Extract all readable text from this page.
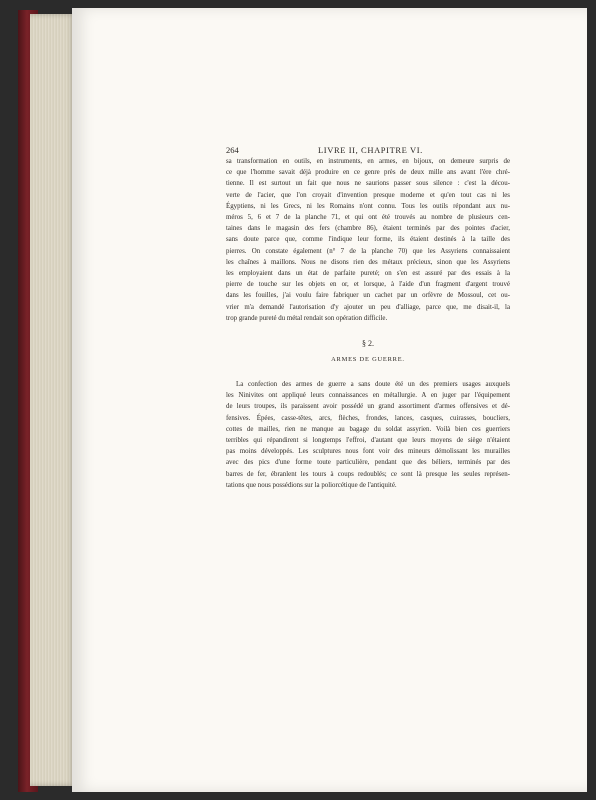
264	LIVRE II, CHAPITRE VI.
sa transformation en outils, en instruments, en armes, en bijoux, on demeure surpris de
ce que l'homme savait déjà produire en ce genre près de deux mille ans avant l'ère chré-
tienne. Il est surtout un fait que nous ne saurions passer sous silence : c'est la décou-
verte de l'acier, que l'on croyait d'invention presque moderne et qu'en tout cas ni les
Égyptiens, ni les Grecs, ni les Romains n'ont connu. Tous les outils répondant aux nu-
méros 5, 6 et 7 de la planche 71, et qui ont été trouvés au nombre de plusieurs cen-
taines dans le magasin des fers (chambre 86), étaient terminés par des pointes d'acier,
sans doute parce que, comme l'indique leur forme, ils étaient destinés à la taille des
pierres. On constate également (n° 7 de la planche 70) que les Assyriens connaissaient
les chaînes à maillons. Nous ne disons rien des métaux précieux, sinon que les Assyriens
les employaient dans un état de parfaite pureté; on s'en est assuré par des essais à la
pierre de touche sur les objets en or, et lorsque, à l'aide d'un fragment d'argent trouvé
dans les fouilles, j'ai voulu faire fabriquer un cachet par un orfèvre de Mossoul, cet ou-
vrier m'a demandé l'autorisation d'y ajouter un peu d'alliage, parce que, me disait-il, la
trop grande pureté du métal rendait son opération difficile.
§ 2.
ARMES DE GUERRE.
La confection des armes de guerre a sans doute été un des premiers usages auxquels
les Ninivites ont appliqué leurs connaissances en métallurgie. A en juger par l'équipement
de leurs troupes, ils paraissent avoir possédé un grand assortiment d'armes offensives et dé-
fensives. Épées, casse-têtes, arcs, flèches, frondes, lances, casques, cuirasses, boucliers,
cottes de mailles, rien ne manque au bagage du soldat assyrien. Voilà bien ces guerriers
terribles qui répandirent si longtemps l'effroi, d'autant que leurs moyens de siège n'étaient
pas moins développés. Les sculptures nous font voir des mineurs démolissant les murailles
avec des pics d'une forme toute particulière, pendant que des béliers, terminés par des
barres de fer, ébranlent les tours à coups redoublés; ce sont là presque les seules représen-
tations que nous possédions sur la poliorcétique de l'antiquité.
